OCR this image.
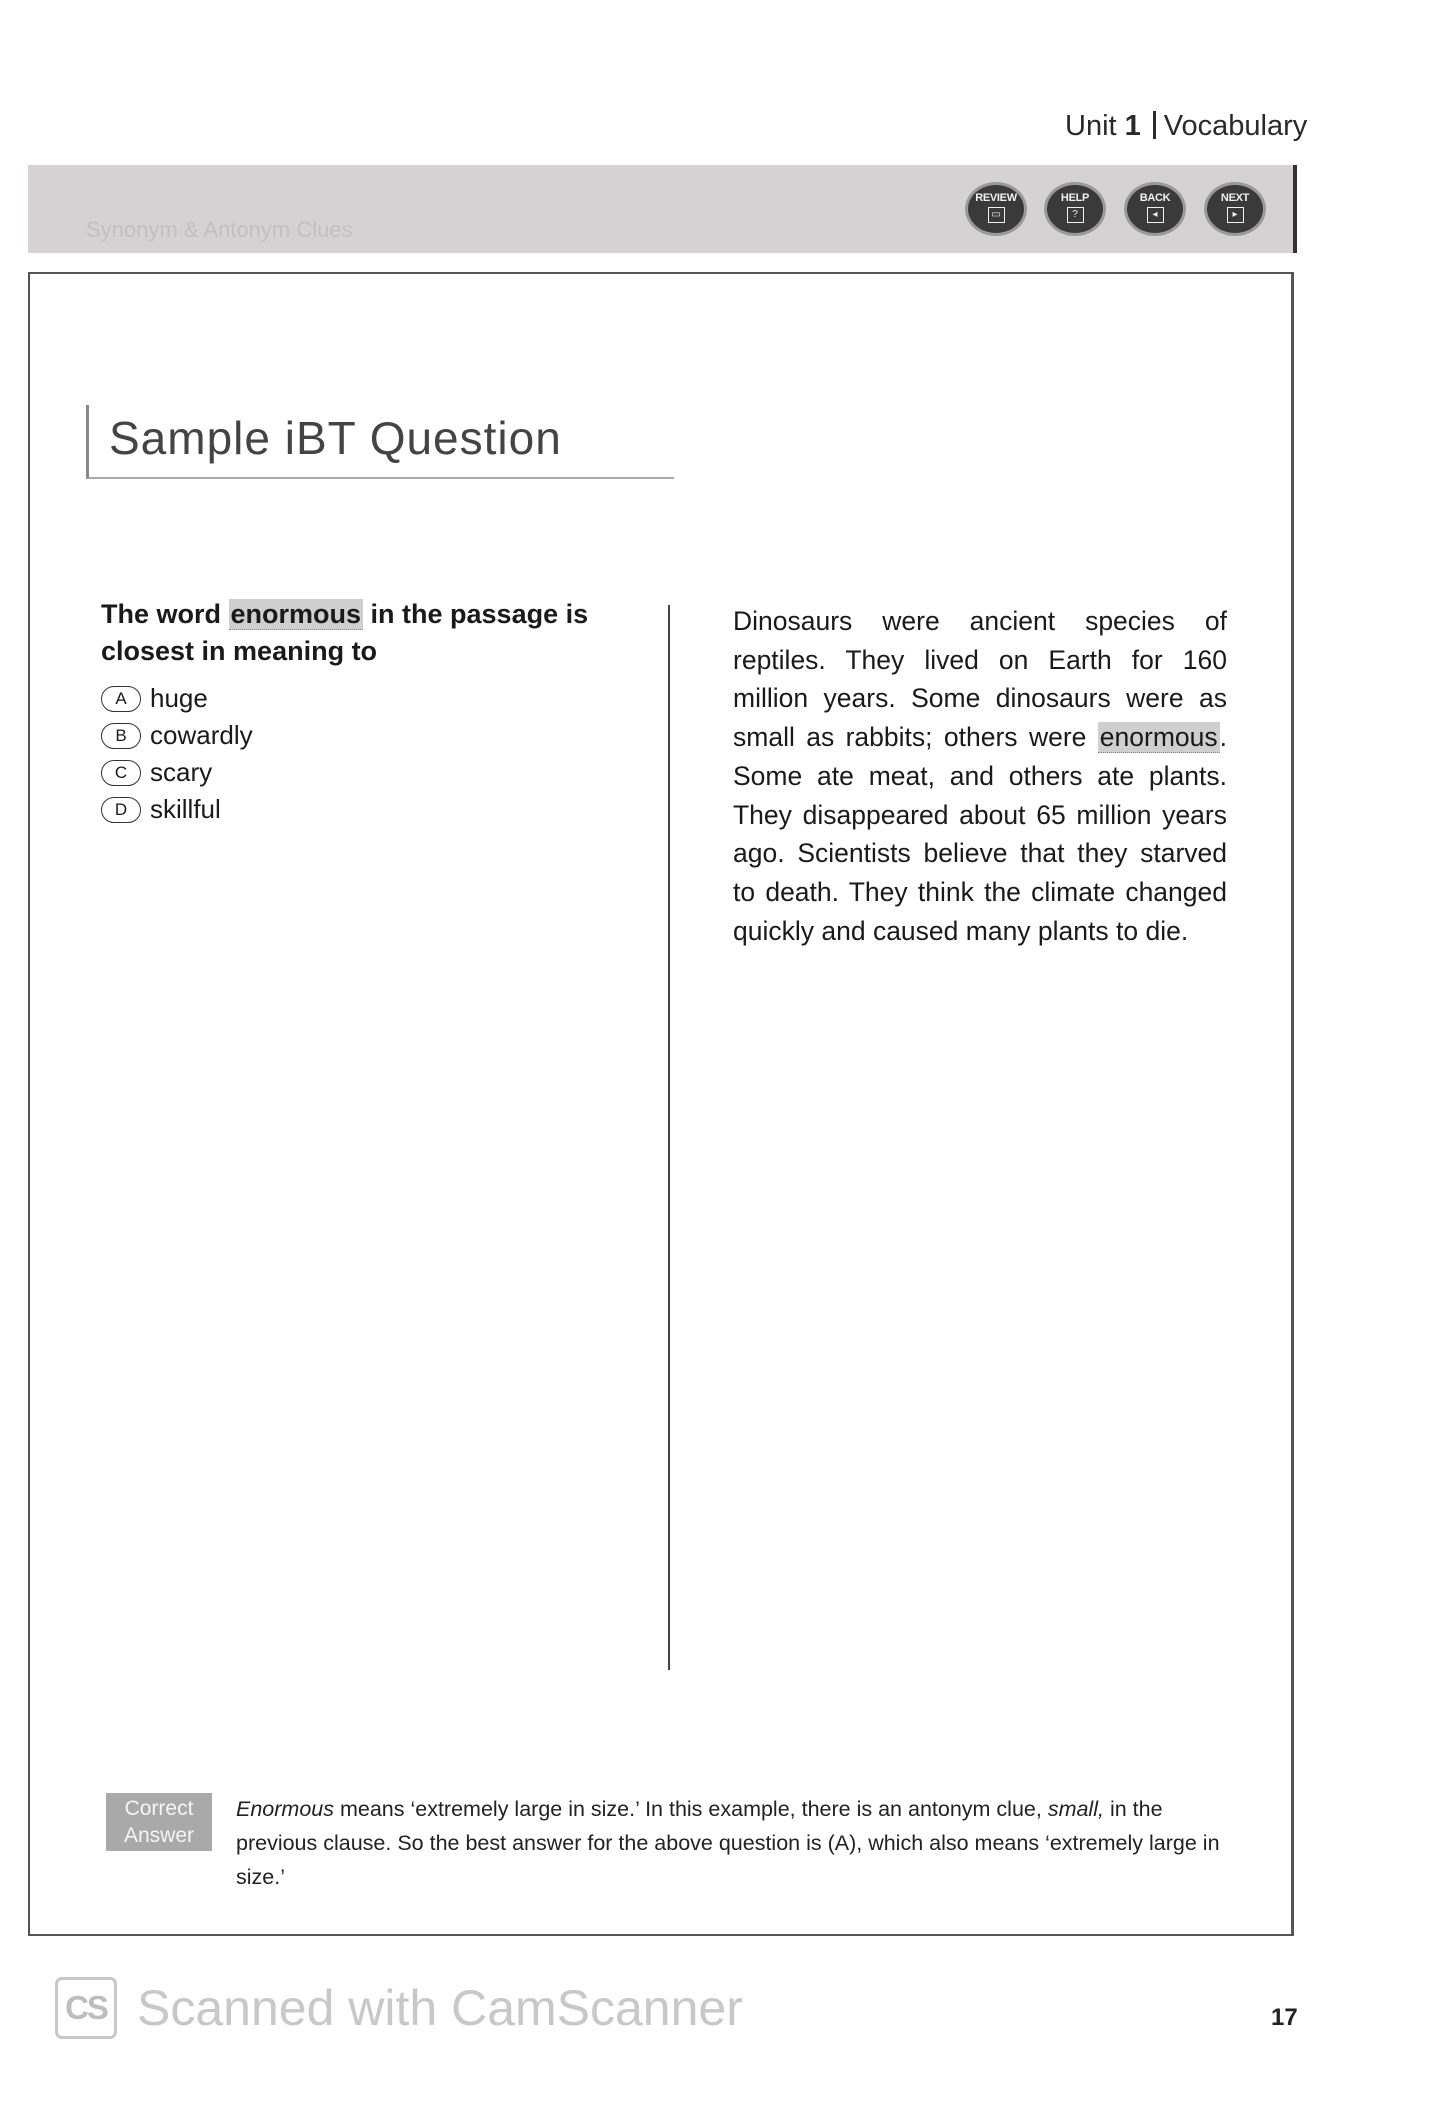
Unit 1 Vocabulary
Synonym & Antonym Clues
REVIEW
▭
HELP
?
BACK
◂
NEXT
▸
Sample iBT Question
The word enormous in the passage is closest in meaning to
A huge
B cowardly
C scary
D skillful

Dinosaurs were ancient species of reptiles. They lived on Earth for 160 million years. Some dinosaurs were as small as rabbits; others were enormous. Some ate meat, and others ate plants. They disappeared about 65 million years ago. Scientists believe that they starved to death. They think the climate changed quickly and caused many plants to die.

Correct
Answer
Enormous means ‘extremely large in size.’ In this example, there is an antonym clue, small, in the previous clause. So the best answer for the above question is (A), which also means ‘extremely large in size.’
CS Scanned with CamScanner	17
